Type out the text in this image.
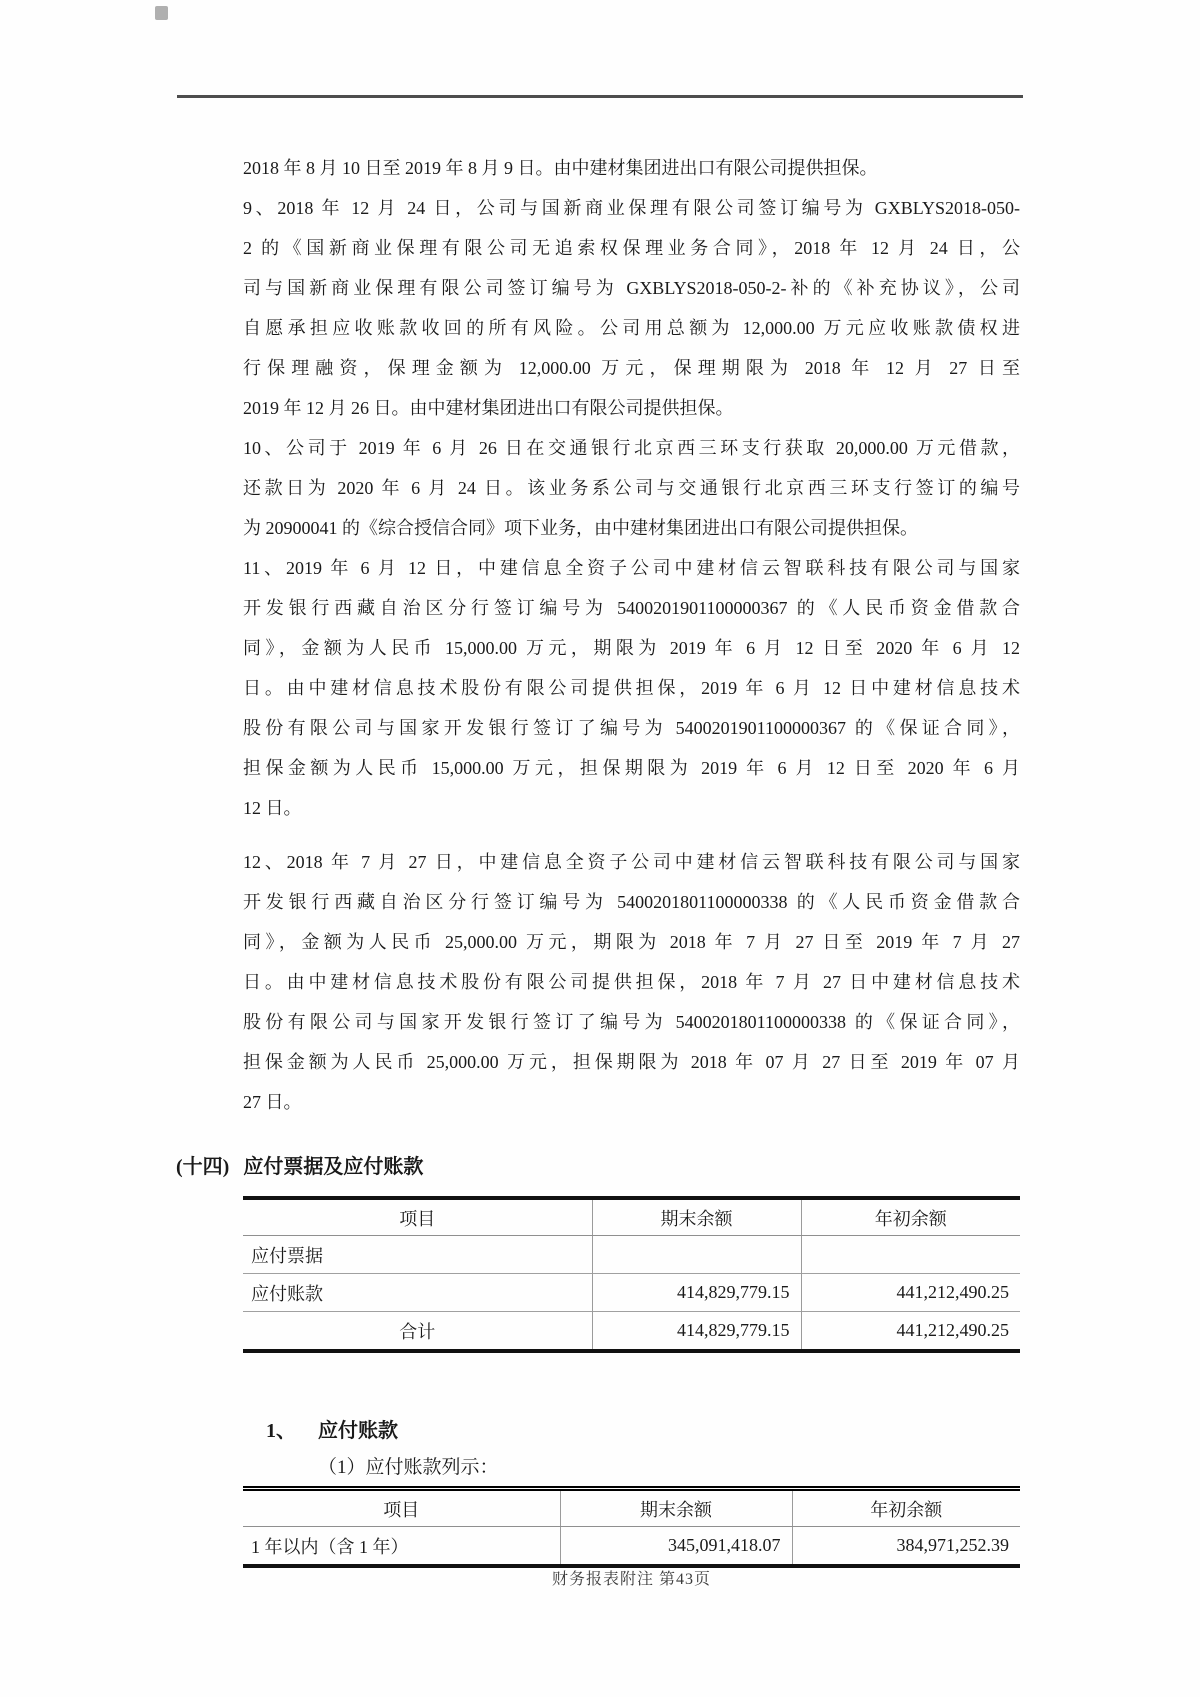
2018 年 8 月 10 日至 2019 年 8 月 9 日。由中建材集团进出口有限公司提供担保。
9、2018 年 12 月 24 日，公司与国新商业保理有限公司签订编号为 GXBLYS2018-050-
2 的《国新商业保理有限公司无追索权保理业务合同》，2018 年 12 月 24 日，公
司与国新商业保理有限公司签订编号为 GXBLYS2018-050-2-补的《补充协议》，公司
自愿承担应收账款收回的所有风险。公司用总额为 12,000.00 万元应收账款债权进
行保理融资，保理金额为 12,000.00 万元，保理期限为 2018 年 12 月 27 日至
2019 年 12 月 26 日。由中建材集团进出口有限公司提供担保。
10、公司于 2019 年 6 月 26 日在交通银行北京西三环支行获取 20,000.00 万元借款，
还款日为 2020 年 6 月 24 日。该业务系公司与交通银行北京西三环支行签订的编号
为 20900041 的《综合授信合同》项下业务，由中建材集团进出口有限公司提供担保。
11、2019 年 6 月 12 日，中建信息全资子公司中建材信云智联科技有限公司与国家
开发银行西藏自治区分行签订编号为 5400201901100000367 的《人民币资金借款合
同》，金额为人民币 15,000.00 万元，期限为 2019 年 6 月 12 日至 2020 年 6 月 12
日。由中建材信息技术股份有限公司提供担保，2019 年 6 月 12 日中建材信息技术
股份有限公司与国家开发银行签订了编号为 5400201901100000367 的《保证合同》，
担保金额为人民币 15,000.00 万元，担保期限为 2019 年 6 月 12 日至 2020 年 6 月
12 日。
12、2018 年 7 月 27 日，中建信息全资子公司中建材信云智联科技有限公司与国家
开发银行西藏自治区分行签订编号为 5400201801100000338 的《人民币资金借款合
同》，金额为人民币 25,000.00 万元，期限为 2018 年 7 月 27 日至 2019 年 7 月 27
日。由中建材信息技术股份有限公司提供担保，2018 年 7 月 27 日中建材信息技术
股份有限公司与国家开发银行签订了编号为 5400201801100000338 的《保证合同》，
担保金额为人民币 25,000.00 万元，担保期限为 2018 年 07 月 27 日至 2019 年 07 月
27 日。
(十四) 应付票据及应付账款
项目	期末余额	年初余额
应付票据		
应付账款	414,829,779.15	441,212,490.25
合计	414,829,779.15	441,212,490.25
1、 应付账款
（1）应付账款列示：
项目	期末余额	年初余额
1 年以内（含 1 年）	345,091,418.07	384,971,252.39
财务报表附注 第43页
